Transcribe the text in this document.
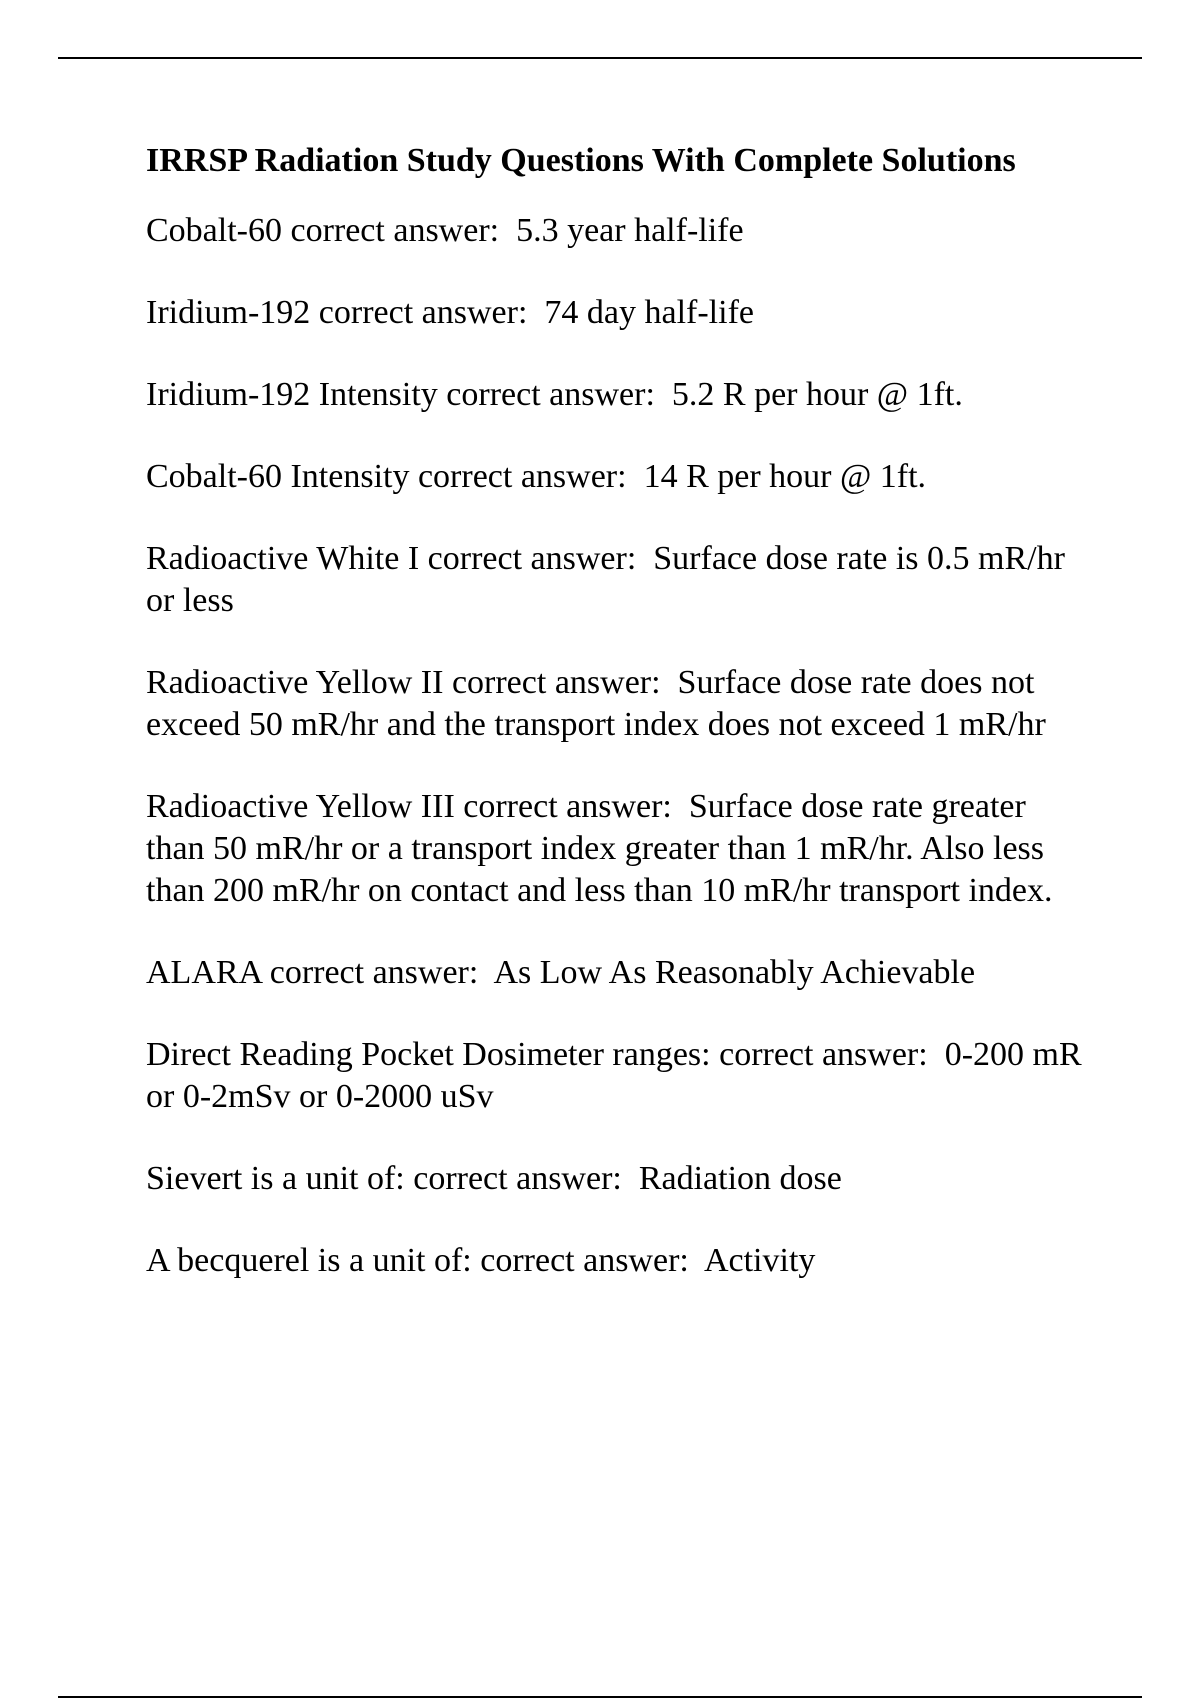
IRRSP Radiation Study Questions With Complete Solutions

Cobalt-60 correct answer:  5.3 year half-life

Iridium-192 correct answer:  74 day half-life

Iridium-192 Intensity correct answer:  5.2 R per hour @ 1ft.

Cobalt-60 Intensity correct answer:  14 R per hour @ 1ft.

Radioactive White I correct answer:  Surface dose rate is 0.5 mR/hr or less

Radioactive Yellow II correct answer:  Surface dose rate does not exceed 50 mR/hr and the transport index does not exceed 1 mR/hr

Radioactive Yellow III correct answer:  Surface dose rate greater than 50 mR/hr or a transport index greater than 1 mR/hr. Also less than 200 mR/hr on contact and less than 10 mR/hr transport index.

ALARA correct answer:  As Low As Reasonably Achievable

Direct Reading Pocket Dosimeter ranges: correct answer:  0-200 mR or 0-2mSv or 0-2000 uSv

Sievert is a unit of: correct answer:  Radiation dose

A becquerel is a unit of: correct answer:  Activity
